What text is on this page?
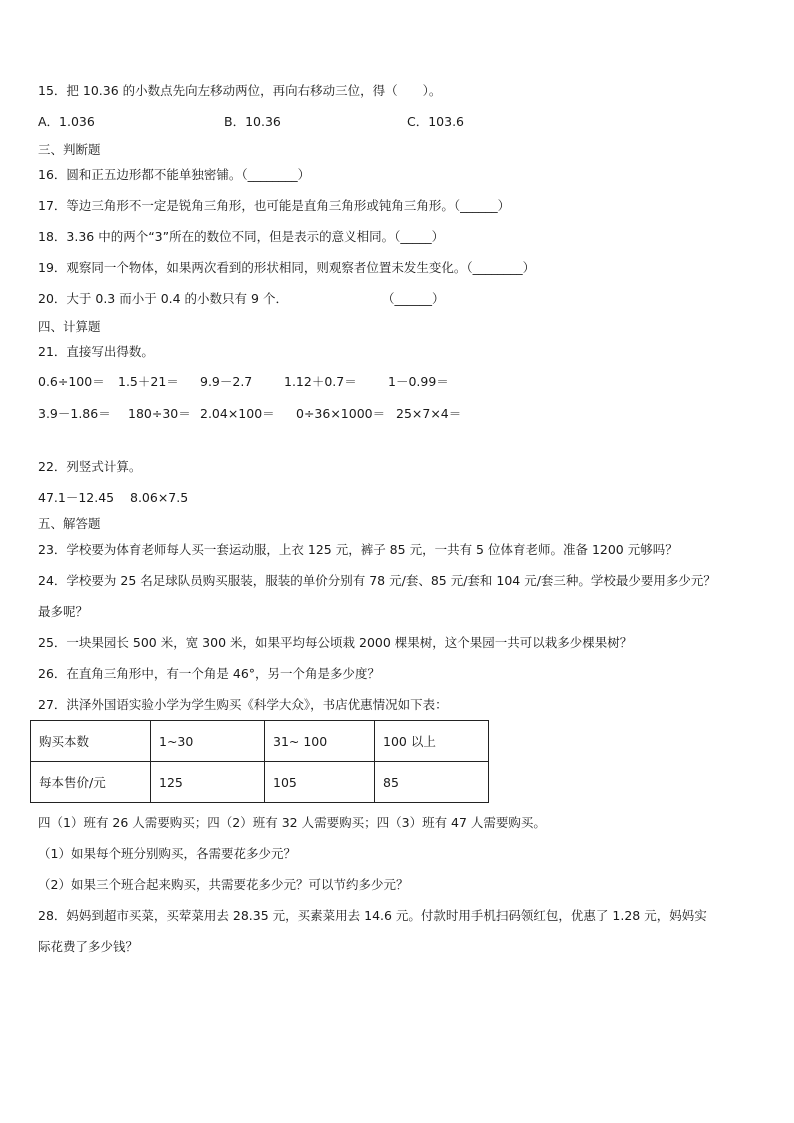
15．把 10.36 的小数点先向左移动两位，再向右移动三位，得（　　）。
A．1.036	B．10.36	C．103.6
三、判断题
16．圆和正五边形都不能单独密铺。（________）
17．等边三角形不一定是锐角三角形，也可能是直角三角形或钝角三角形。（______）
18．3.36 中的两个“3”所在的数位不同，但是表示的意义相同。（_____）
19．观察同一个物体，如果两次看到的形状相同，则观察者位置未发生变化。（________）
20．大于 0.3 而小于 0.4 的小数只有 9 个．	（______）
四、计算题
21．直接写出得数。
0.6÷100＝ 1.5＋21＝ 9.9－2.7	1.12＋0.7＝	1－0.99＝
3.9－1.86＝ 180÷30＝ 2.04×100＝ 0÷36×1000＝ 25×7×4＝
22．列竖式计算。
47.1－12.45 8.06×7.5
五、解答题
23．学校要为体育老师每人买一套运动服，上衣 125 元，裤子 85 元，一共有 5 位体育老师。准备 1200 元够吗？
24．学校要为 25 名足球队员购买服装，服装的单价分别有 78 元/套、85 元/套和 104 元/套三种。学校最少要用多少元？
最多呢？
25．一块果园长 500 米，宽 300 米，如果平均每公顷栽 2000 棵果树，这个果园一共可以栽多少棵果树？
26．在直角三角形中，有一个角是 46°，另一个角是多少度？
27．洪泽外国语实验小学为学生购买《科学大众》，书店优惠情况如下表：
购买本数	1~30	31~ 100	100 以上
每本售价/元	125	105	85
四（1）班有 26 人需要购买；四（2）班有 32 人需要购买；四（3）班有 47 人需要购买。
（1）如果每个班分别购买，各需要花多少元？
（2）如果三个班合起来购买，共需要花多少元？可以节约多少元？
28．妈妈到超市买菜，买荤菜用去 28.35 元，买素菜用去 14.6 元。付款时用手机扫码领红包，优惠了 1.28 元，妈妈实
际花费了多少钱？
